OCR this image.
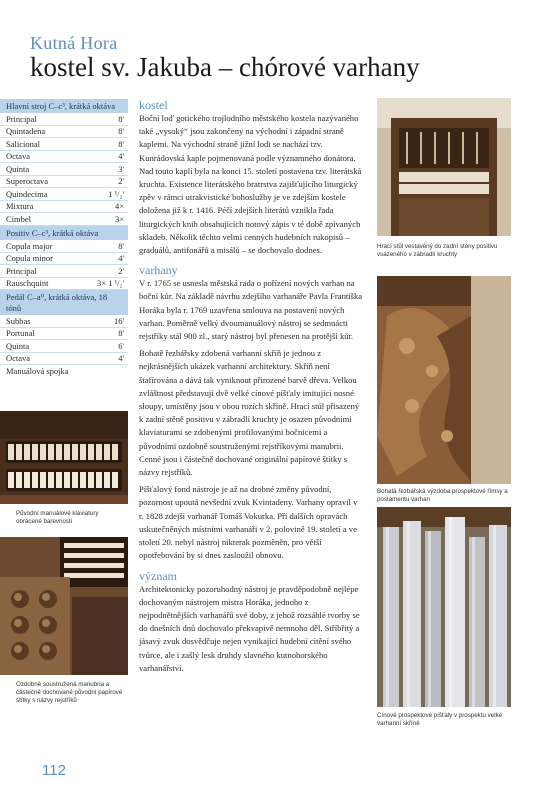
Kutná Hora
kostel sv. Jakuba – chórové varhany
Hlavní stroj C–c³, krátká oktáva
Principal	8'
Quintadena	8'
Salicional	8'
Octava	4'
Quinta	3'
Superoctava	2'
Quindecima	1 ¹/₂'
Mixtura	4×
Cimbel	3×
Positiv C–c³, krátká oktáva
Copula major	8'
Copula minor	4'
Principal	2'
Rauschquint	3× 1 ¹/₂'
Pedál C–a⁰, krátká oktáva, 18 tónů
Subbas	16'
Portunal	8'
Quinta	6'
Octava	4'
Manuálová spojka
kostel

Boční loď gotického trojlodního městského kostela nazývaného také „vysoký“ jsou zakončeny na východní i západní straně kaplemi. Na východní straně jižní lodi se nachází tzv. Kunrádovská kaple pojmenovaná podle významného donátora. Nad touto kaplí byla na konci 15. století postavena tzv. literátská kruchta. Existence literátského bratrstva zajišťujícího liturgický zpěv v rámci utrakvistické bohoslužby je ve zdejším kostele doložena již k r. 1416. Péčí zdejších literátů vznikla řada liturgických knih obsahujících notový zápis v té době zpívaných skladeb. Několik těchto velmi cenných hudebních rukopisů – graduálů, antifonářů a misálů – se dochovalo dodnes.

varhany

V r. 1765 se usnesla městská rada o pořízení nových varhan na boční kůr. Na základě návrhu zdejšího varhanáře Pavla Františka Horáka byla r. 1769 uzavřena smlouva na postavení nových varhan. Poměrně velký dvoumanuálový nástroj se sedmnácti rejstříky stál 900 zl., starý nástroj byl přenesen na protější kůr.

Bohatě řezbářsky zdobená varhanní skříň je jednou z nejkrásnějších ukázek varhanní architektury. Skříň není štafírována a dává tak vyniknout přirozené barvě dřeva. Velkou zvláštnost představují dvě velké cínové píšťaly imitující nosné sloupy, umístěny jsou v obou rozích skříně. Hrací stůl přisazený k zadní stěně positivu v zábradlí kruchty je osazen původními klaviaturami se zdobenými profilovanými bočnicemi a původními ozdobně soustruženými rejstříkovými manubrii. Cenné jsou i částečně dochované originální papírové štítky s názvy rejstříků.

Píšťalový fond nástroje je až na drobné změny původní, pozornost upoutá nevšední zvuk Kvintadeny. Varhany opravil v r. 1828 zdejší varhanář Tomáš Vokurka. Při dalších opravách uskutečněných místními varhanáři v 2. polovině 19. století a ve století 20. nebyl nástroj nikterak pozměněn, pro větší opotřebování by si dnes zasloužil obnovu.

význam

Architektonicky pozoruhodný nástroj je pravděpodobně nejlépe dochovaným nástrojem mistra Horáka, jednoho z nejpodnětnějších varhanářů své doby, z jehož rozsáhlé tvorby se do dnešních dnů dochovalo překvapivě nemnoho děl. Stříbřitý a jásavý zvuk dosvědčuje nejen vynikající hudební cítění svého tvůrce, ale i zašlý lesk druhdy slavného kutnohorského varhanářství.

Původní manuálové klaviatury obrácené barevnosti
Ozdobně soustružená manubria a částečně dochované původní papírové štítky s názvy rejstříků
Hrací stůl vestavěný do zadní stěny positivu vsazeného v zábradlí kruchty
Bohatá řezbářská výzdoba prospektové římsy a postamentu varhan
Cínové prospektové píšťaly v prospektu velké varhanní skříně
112
